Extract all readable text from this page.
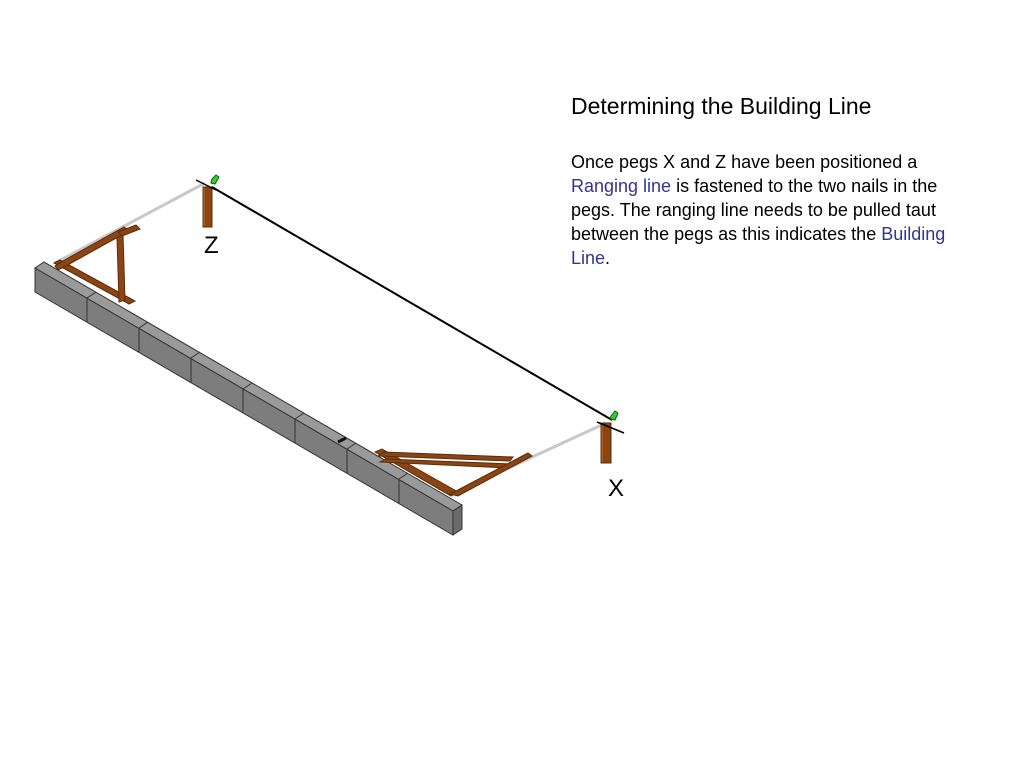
Z
X
Determining the Building Line

Once pegs X and Z have been positioned a Ranging line is fastened to the two nails in the pegs. The ranging line needs to be pulled taut between the pegs as this indicates the Building Line.
